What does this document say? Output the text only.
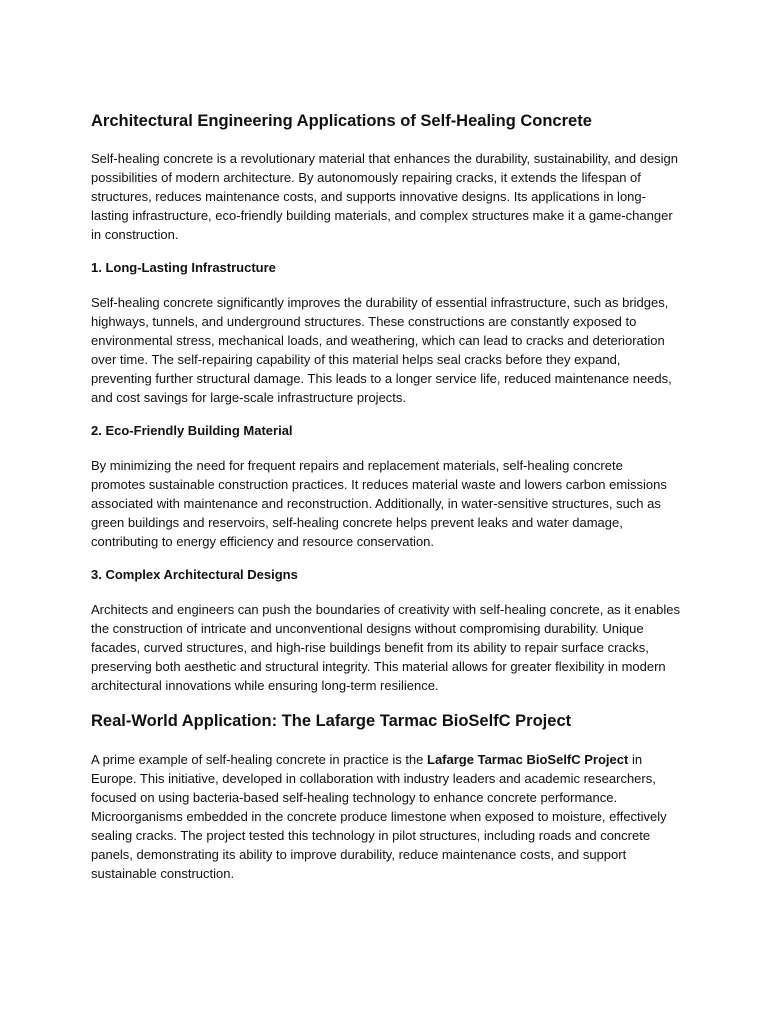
Architectural Engineering Applications of Self-Healing Concrete

Self-healing concrete is a revolutionary material that enhances the durability, sustainability, and design possibilities of modern architecture. By autonomously repairing cracks, it extends the lifespan of structures, reduces maintenance costs, and supports innovative designs. Its applications in long-lasting infrastructure, eco-friendly building materials, and complex structures make it a game-changer in construction.

1. Long-Lasting Infrastructure

Self-healing concrete significantly improves the durability of essential infrastructure, such as bridges, highways, tunnels, and underground structures. These constructions are constantly exposed to environmental stress, mechanical loads, and weathering, which can lead to cracks and deterioration over time. The self-repairing capability of this material helps seal cracks before they expand, preventing further structural damage. This leads to a longer service life, reduced maintenance needs, and cost savings for large-scale infrastructure projects.

2. Eco-Friendly Building Material

By minimizing the need for frequent repairs and replacement materials, self-healing concrete promotes sustainable construction practices. It reduces material waste and lowers carbon emissions associated with maintenance and reconstruction. Additionally, in water-sensitive structures, such as green buildings and reservoirs, self-healing concrete helps prevent leaks and water damage, contributing to energy efficiency and resource conservation.

3. Complex Architectural Designs

Architects and engineers can push the boundaries of creativity with self-healing concrete, as it enables the construction of intricate and unconventional designs without compromising durability. Unique facades, curved structures, and high-rise buildings benefit from its ability to repair surface cracks, preserving both aesthetic and structural integrity. This material allows for greater flexibility in modern architectural innovations while ensuring long-term resilience.

Real-World Application: The Lafarge Tarmac BioSelfC Project

A prime example of self-healing concrete in practice is the Lafarge Tarmac BioSelfC Project in Europe. This initiative, developed in collaboration with industry leaders and academic researchers, focused on using bacteria-based self-healing technology to enhance concrete performance. Microorganisms embedded in the concrete produce limestone when exposed to moisture, effectively sealing cracks. The project tested this technology in pilot structures, including roads and concrete panels, demonstrating its ability to improve durability, reduce maintenance costs, and support sustainable construction.
